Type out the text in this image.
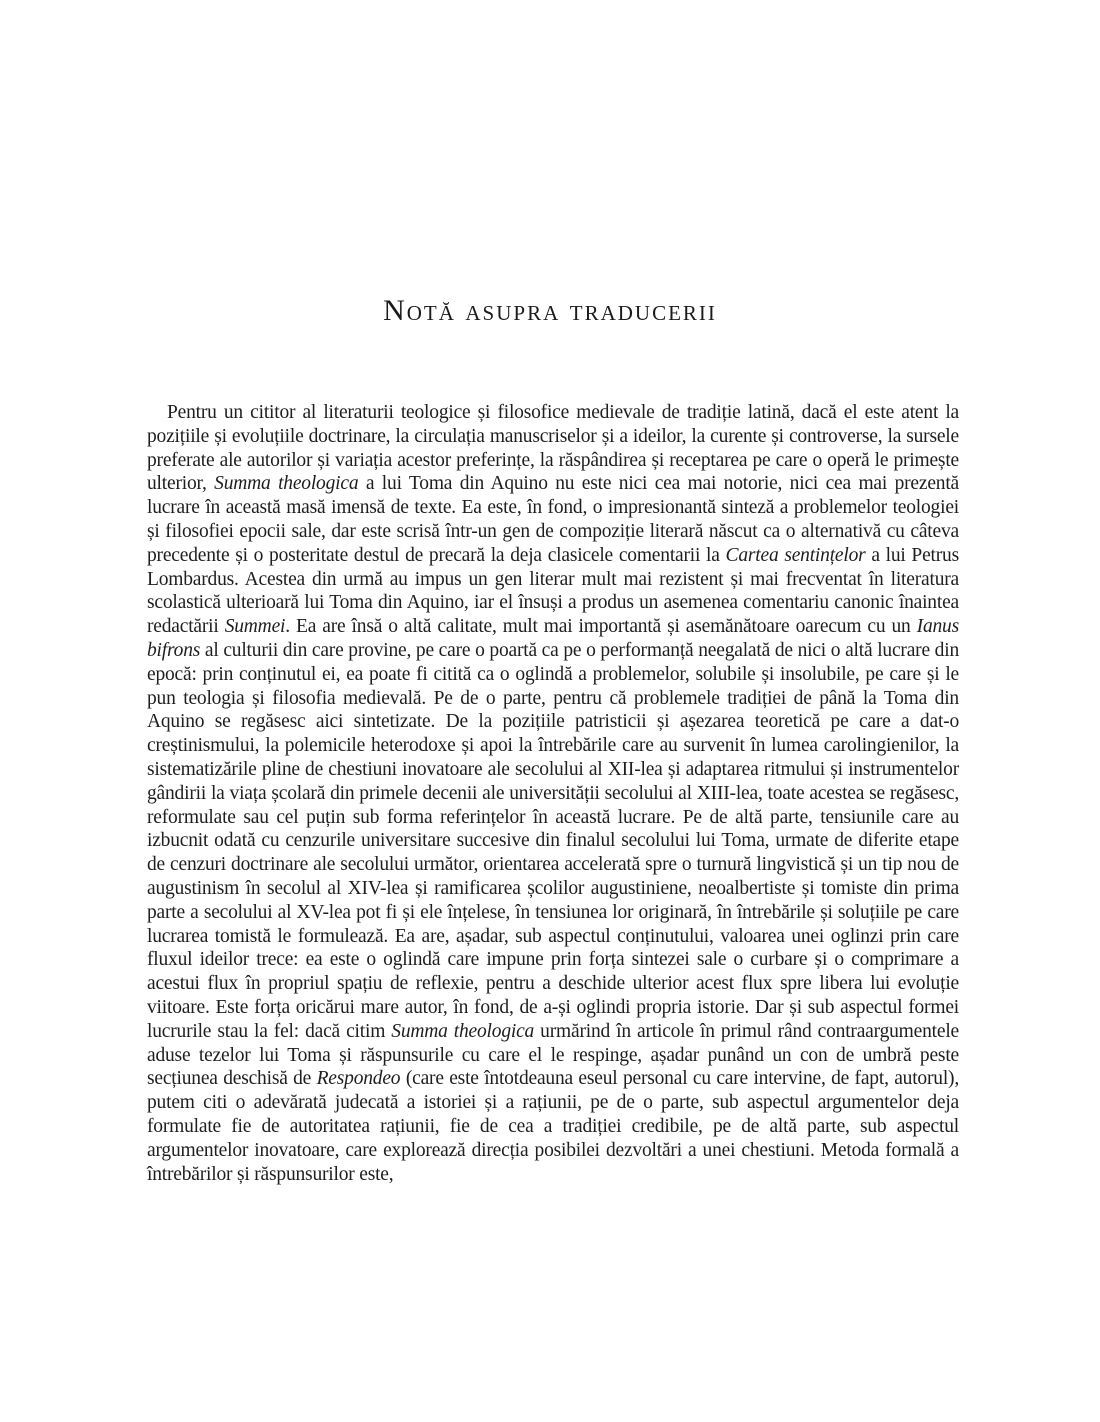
Notă asupra traducerii

Pentru un cititor al literaturii teologice și filosofice medievale de tradiție latină, dacă el este atent la pozițiile și evoluțiile doctrinare, la circulația manuscriselor și a ideilor, la curente și controverse, la sursele preferate ale autorilor și variația acestor preferințe, la răspândirea și receptarea pe care o operă le primește ulterior, Summa theologica a lui Toma din Aquino nu este nici cea mai notorie, nici cea mai prezentă lucrare în această masă imensă de texte. Ea este, în fond, o impresionantă sinteză a problemelor teologiei și filosofiei epocii sale, dar este scrisă într-un gen de compoziție literară născut ca o alternativă cu câteva precedente și o posteritate destul de precară la deja clasicele comentarii la Cartea sentințelor a lui Petrus Lombardus. Acestea din urmă au impus un gen literar mult mai rezistent și mai frecventat în literatura scolastică ulterioară lui Toma din Aquino, iar el însuși a produs un asemenea comentariu canonic înaintea redactării Summei. Ea are însă o altă calitate, mult mai importantă și asemănătoare oarecum cu un Ianus bifrons al culturii din care provine, pe care o poartă ca pe o performanță neegalată de nici o altă lucrare din epocă: prin conținutul ei, ea poate fi citită ca o oglindă a problemelor, solubile și insolubile, pe care și le pun teologia și filosofia medievală. Pe de o parte, pentru că problemele tradiției de până la Toma din Aquino se regăsesc aici sintetizate. De la pozițiile patristicii și așezarea teoretică pe care a dat-o creștinismului, la polemicile heterodoxe și apoi la întrebările care au survenit în lumea carolingienilor, la sistematizările pline de chestiuni inovatoare ale secolului al XII-lea și adaptarea ritmului și instrumentelor gândirii la viața școlară din primele decenii ale universității secolului al XIII-lea, toate acestea se regăsesc, reformulate sau cel puțin sub forma referințelor în această lucrare. Pe de altă parte, tensiunile care au izbucnit odată cu cenzurile universitare succesive din finalul secolului lui Toma, urmate de diferite etape de cenzuri doctrinare ale secolului următor, orientarea accelerată spre o turnură lingvistică și un tip nou de augustinism în secolul al XIV-lea și ramificarea școlilor augustiniene, neoalbertiste și tomiste din prima parte a secolului al XV-lea pot fi și ele înțelese, în tensiunea lor originară, în întrebările și soluțiile pe care lucrarea tomistă le formulează. Ea are, așadar, sub aspectul conținutului, valoarea unei oglinzi prin care fluxul ideilor trece: ea este o oglindă care impune prin forța sintezei sale o curbare și o comprimare a acestui flux în propriul spațiu de reflexie, pentru a deschide ulterior acest flux spre libera lui evoluție viitoare. Este forța oricărui mare autor, în fond, de a-și oglindi propria istorie. Dar și sub aspectul formei lucrurile stau la fel: dacă citim Summa theologica urmărind în articole în primul rând contraargumentele aduse tezelor lui Toma și răspunsurile cu care el le respinge, așadar punând un con de umbră peste secțiunea deschisă de Respondeo (care este întotdeauna eseul personal cu care intervine, de fapt, autorul), putem citi o adevărată judecată a istoriei și a rațiunii, pe de o parte, sub aspectul argumentelor deja formulate fie de autoritatea rațiunii, fie de cea a tradiției credibile, pe de altă parte, sub aspectul argumentelor inovatoare, care explorează direcția posibilei dezvoltări a unei chestiuni. Metoda formală a întrebărilor și răspunsurilor este,
